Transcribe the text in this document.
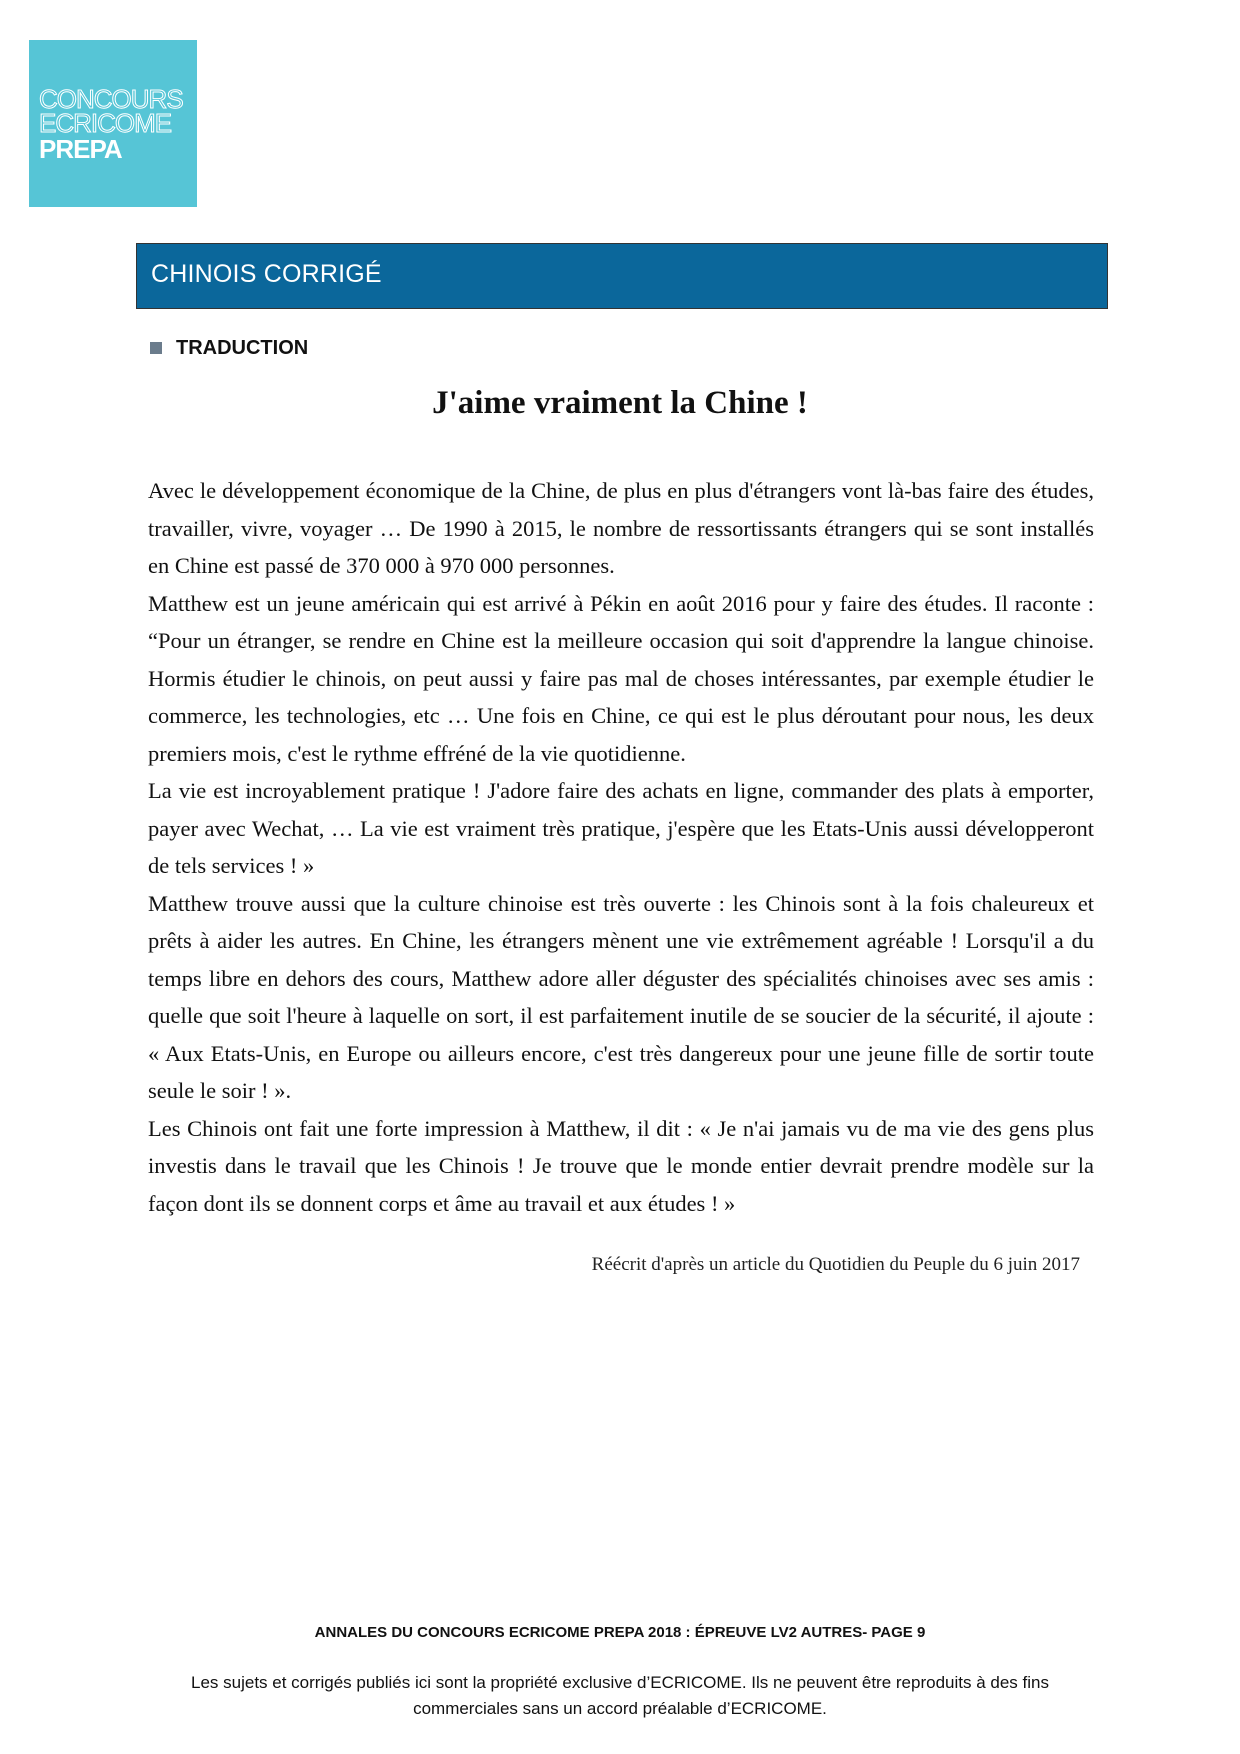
CONCOURS
ECRICOME
PREPA
CHINOIS CORRIGÉ
TRADUCTION
J'aime vraiment la Chine !

Avec le développement économique de la Chine, de plus en plus d'étrangers vont là-bas faire des études, travailler, vivre, voyager … De 1990 à 2015, le nombre de ressortissants étrangers qui se sont installés en Chine est passé de 370 000 à 970 000 personnes.

Matthew est un jeune américain qui est arrivé à Pékin en août 2016 pour y faire des études. Il raconte : “Pour un étranger, se rendre en Chine est la meilleure occasion qui soit d'apprendre la langue chinoise. Hormis étudier le chinois, on peut aussi y faire pas mal de choses intéressantes, par exemple étudier le commerce, les technologies, etc … Une fois en Chine, ce qui est le plus déroutant pour nous, les deux premiers mois, c'est le rythme effréné de la vie quotidienne.

La vie est incroyablement pratique ! J'adore faire des achats en ligne, commander des plats à emporter, payer avec Wechat, … La vie est vraiment très pratique, j'espère que les Etats-Unis aussi développeront de tels services ! »

Matthew trouve aussi que la culture chinoise est très ouverte : les Chinois sont à la fois chaleureux et prêts à aider les autres. En Chine, les étrangers mènent une vie extrêmement agréable ! Lorsqu'il a du temps libre en dehors des cours, Matthew adore aller déguster des spécialités chinoises avec ses amis : quelle que soit l'heure à laquelle on sort, il est parfaitement inutile de se soucier de la sécurité, il ajoute : « Aux Etats-Unis, en Europe ou ailleurs encore, c'est très dangereux pour une jeune fille de sortir toute seule le soir ! ».

Les Chinois ont fait une forte impression à Matthew, il dit : « Je n'ai jamais vu de ma vie des gens plus investis dans le travail que les Chinois ! Je trouve que le monde entier devrait prendre modèle sur la façon dont ils se donnent corps et âme au travail et aux études ! »

Réécrit d'après un article du Quotidien du Peuple du 6 juin 2017
ANNALES DU CONCOURS ECRICOME PREPA 2018 : ÉPREUVE LV2 AUTRES- PAGE 9
Les sujets et corrigés publiés ici sont la propriété exclusive d’ECRICOME. Ils ne peuvent être reproduits à des fins commerciales sans un accord préalable d’ECRICOME.
